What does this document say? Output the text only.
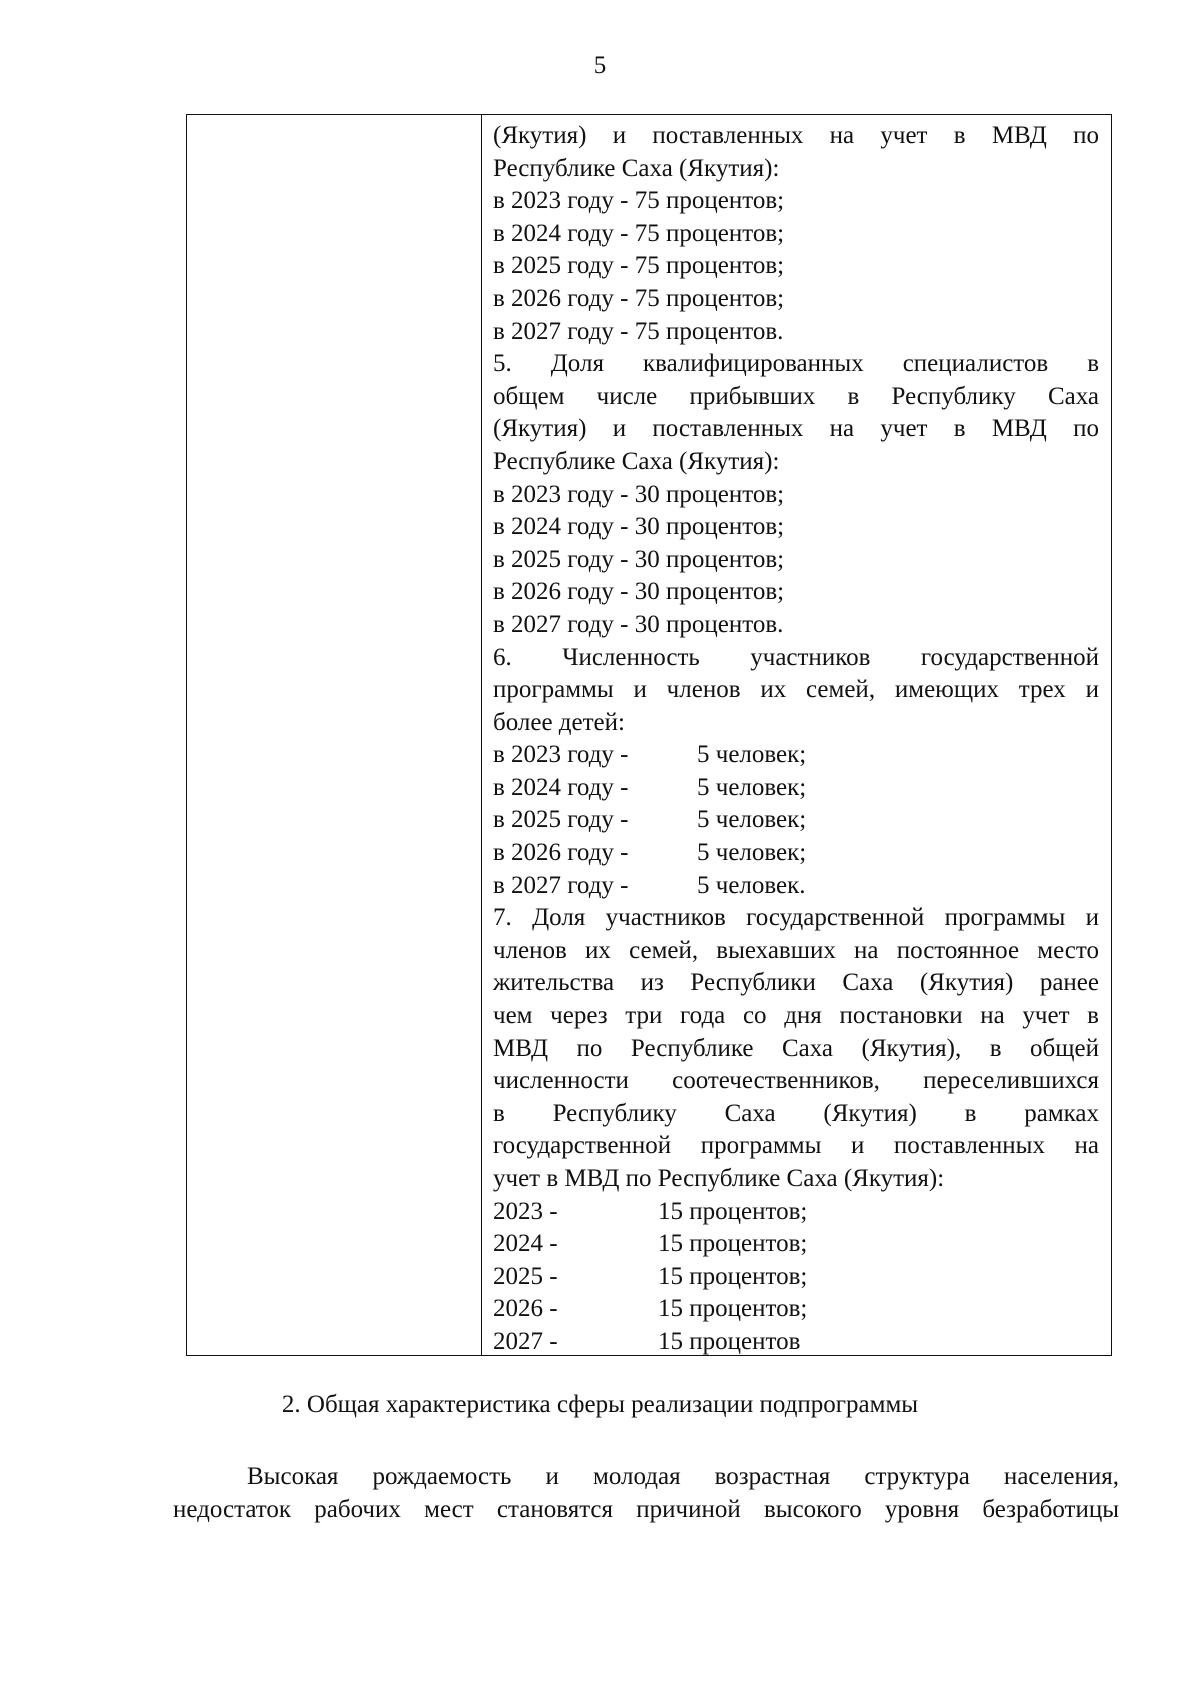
5
(Якутия) и поставленных на учет в МВД по
Республике Саха (Якутия):
в 2023 году - 75 процентов;
в 2024 году - 75 процентов;
в 2025 году - 75 процентов;
в 2026 году - 75 процентов;
в 2027 году - 75 процентов.
5. Доля квалифицированных специалистов в
общем числе прибывших в Республику Саха
(Якутия) и поставленных на учет в МВД по
Республике Саха (Якутия):
в 2023 году - 30 процентов;
в 2024 году - 30 процентов;
в 2025 году - 30 процентов;
в 2026 году - 30 процентов;
в 2027 году - 30 процентов.
6. Численность участников государственной
программы и членов их семей, имеющих трех и
более детей:
в 2023 году -	5 человек;
в 2024 году -	5 человек;
в 2025 году -	5 человек;
в 2026 году -	5 человек;
в 2027 году -	5 человек.
7. Доля участников государственной программы и
членов их семей, выехавших на постоянное место
жительства из Республики Саха (Якутия) ранее
чем через три года со дня постановки на учет в
МВД по Республике Саха (Якутия), в общей
численности соотечественников, переселившихся
в Республику Саха (Якутия) в рамках
государственной программы и поставленных на
учет в МВД по Республике Саха (Якутия):
2023 -	15 процентов;
2024 -	15 процентов;
2025 -	15 процентов;
2026 -	15 процентов;
2027 -	15 процентов
2. Общая характеристика сферы реализации подпрограммы
Высокая рождаемость и молодая возрастная структура населения,
недостаток рабочих мест становятся причиной высокого уровня безработицы
